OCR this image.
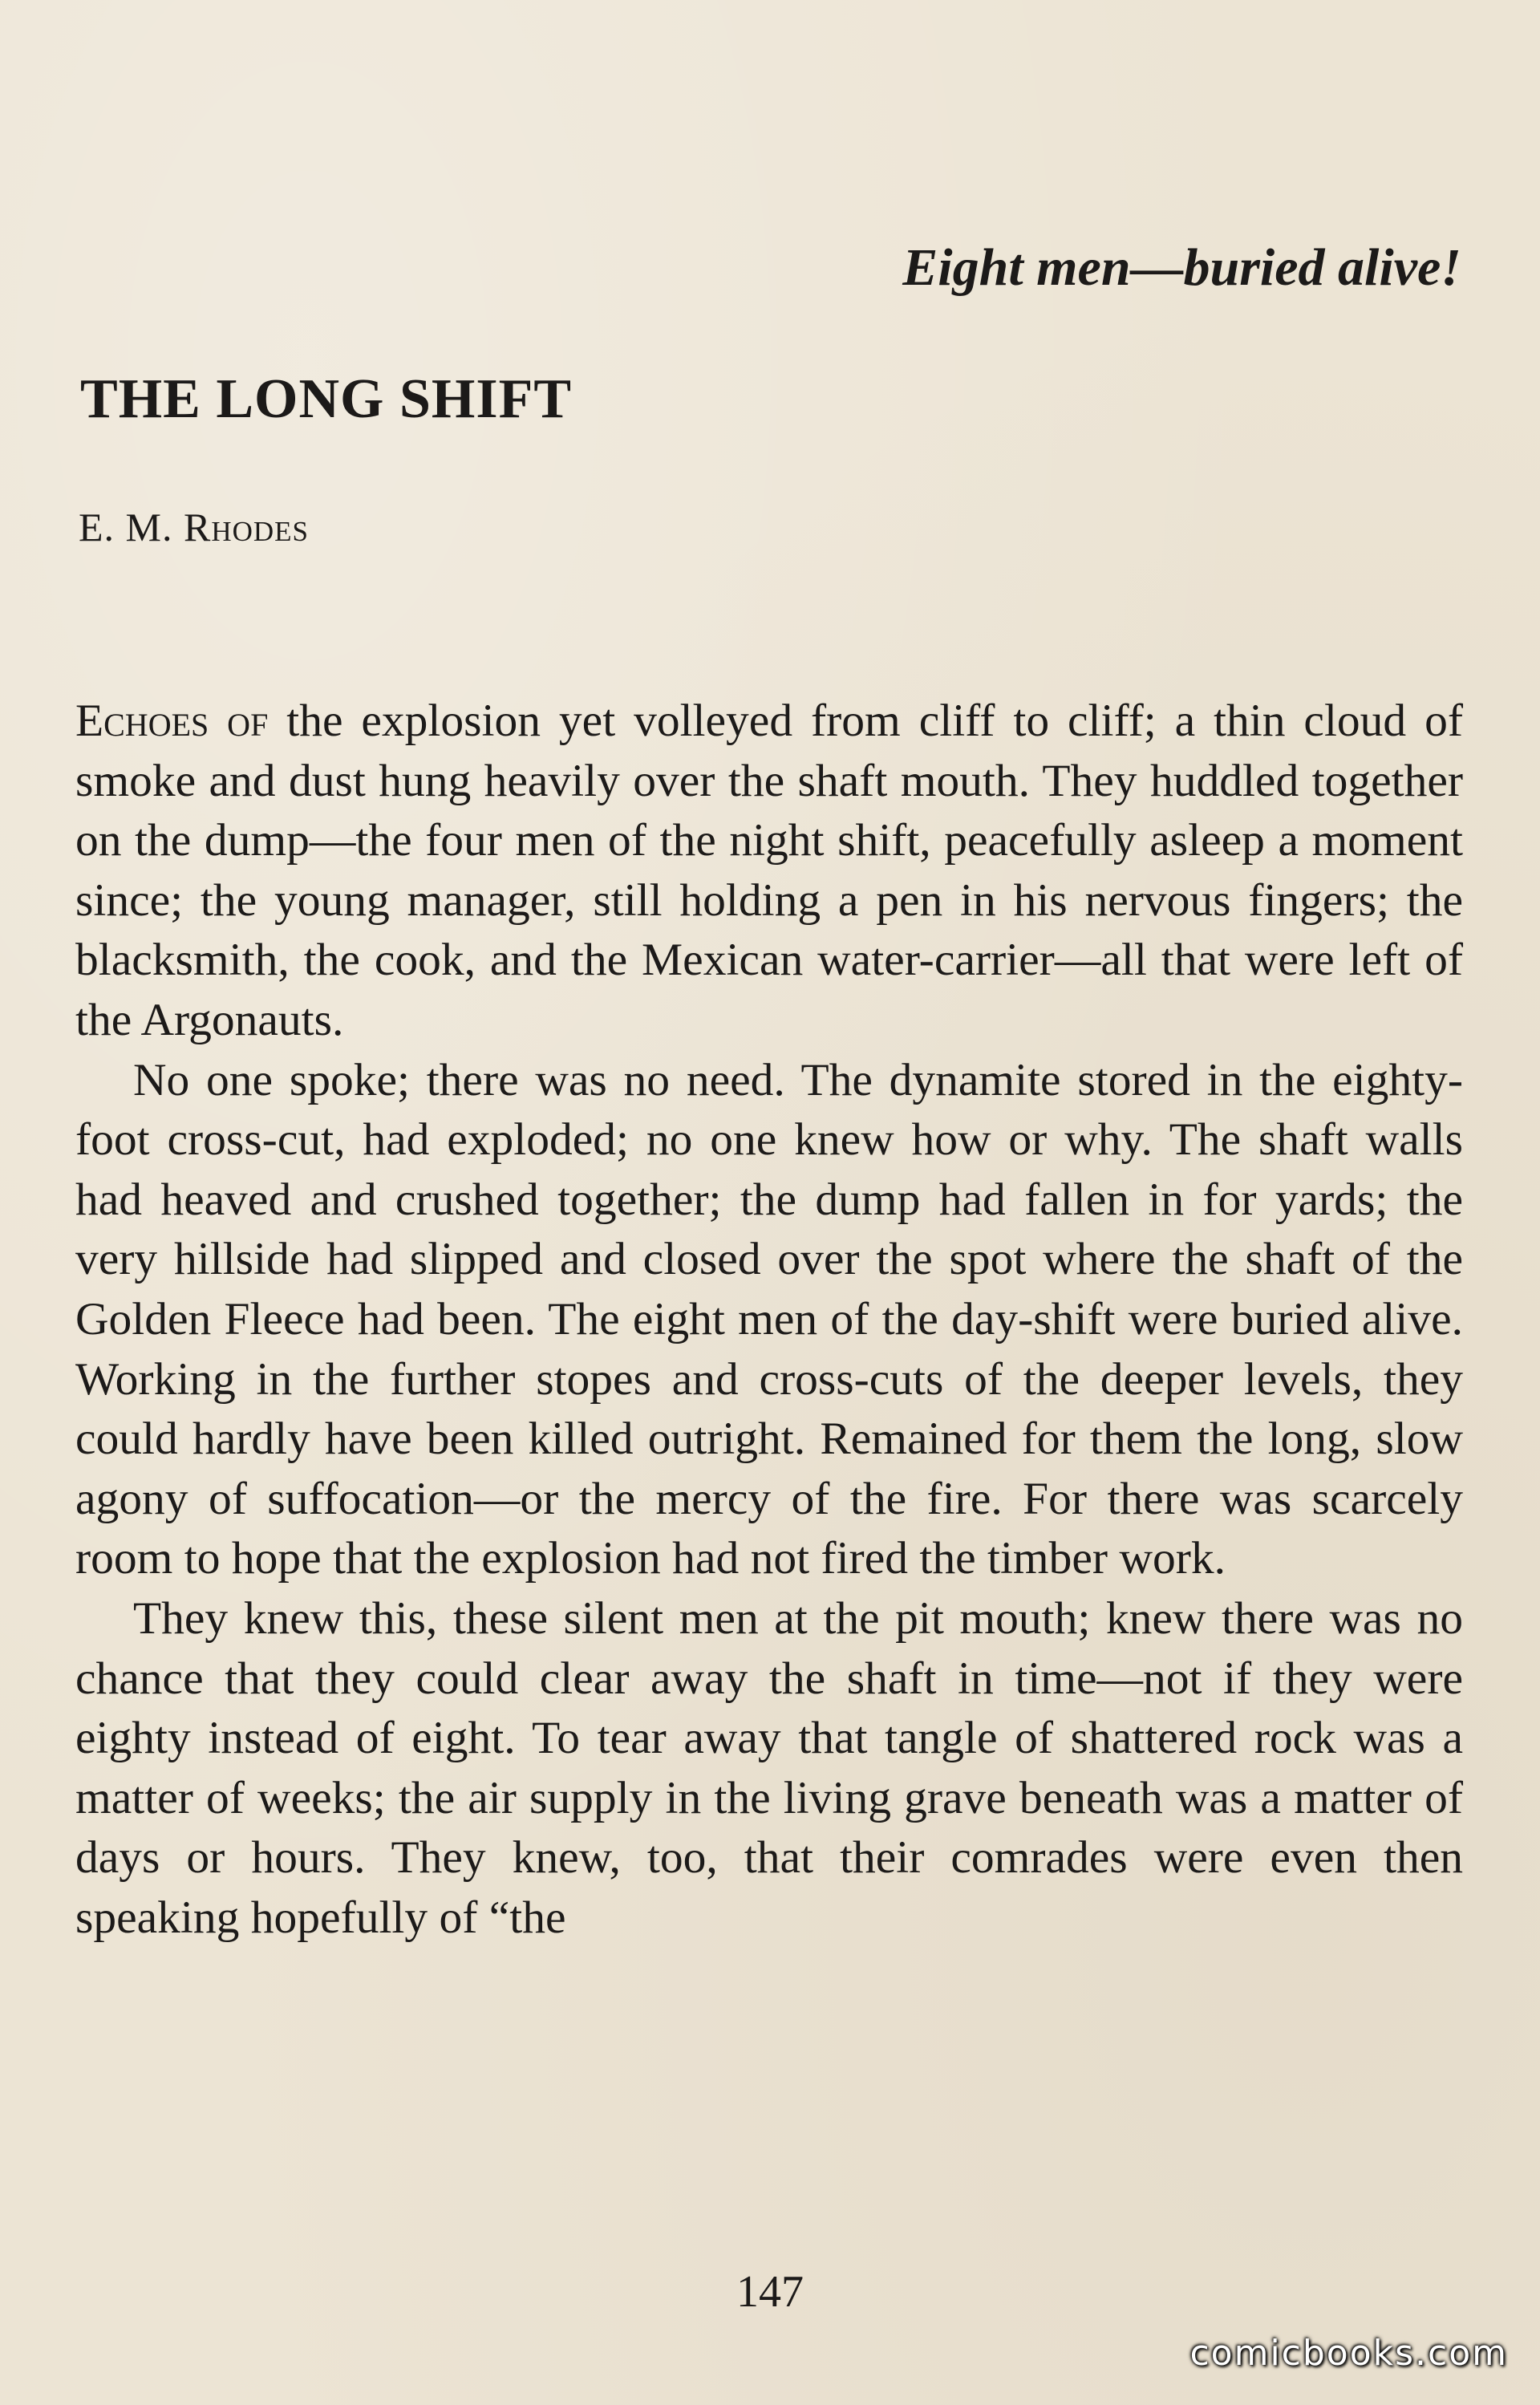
Eight men—buried alive!

THE LONG SHIFT

E. M. Rhodes

Echoes of the explosion yet volleyed from cliff to cliff; a thin cloud of smoke and dust hung heavily over the shaft mouth. They huddled together on the dump—the four men of the night shift, peacefully asleep a moment since; the young manager, still holding a pen in his nervous fingers; the blacksmith, the cook, and the Mexican water-carrier—all that were left of the Argonauts.

No one spoke; there was no need. The dynamite stored in the eighty-foot cross-cut, had exploded; no one knew how or why. The shaft walls had heaved and crushed together; the dump had fallen in for yards; the very hillside had slipped and closed over the spot where the shaft of the Golden Fleece had been. The eight men of the day-shift were buried alive. Working in the further stopes and cross-cuts of the deeper levels, they could hardly have been killed outright. Remained for them the long, slow agony of suffocation—or the mercy of the fire. For there was scarcely room to hope that the explosion had not fired the timber work.

They knew this, these silent men at the pit mouth; knew there was no chance that they could clear away the shaft in time—not if they were eighty instead of eight. To tear away that tangle of shattered rock was a matter of weeks; the air supply in the living grave beneath was a matter of days or hours. They knew, too, that their comrades were even then speaking hopefully of “the

147

comicbooks.com
